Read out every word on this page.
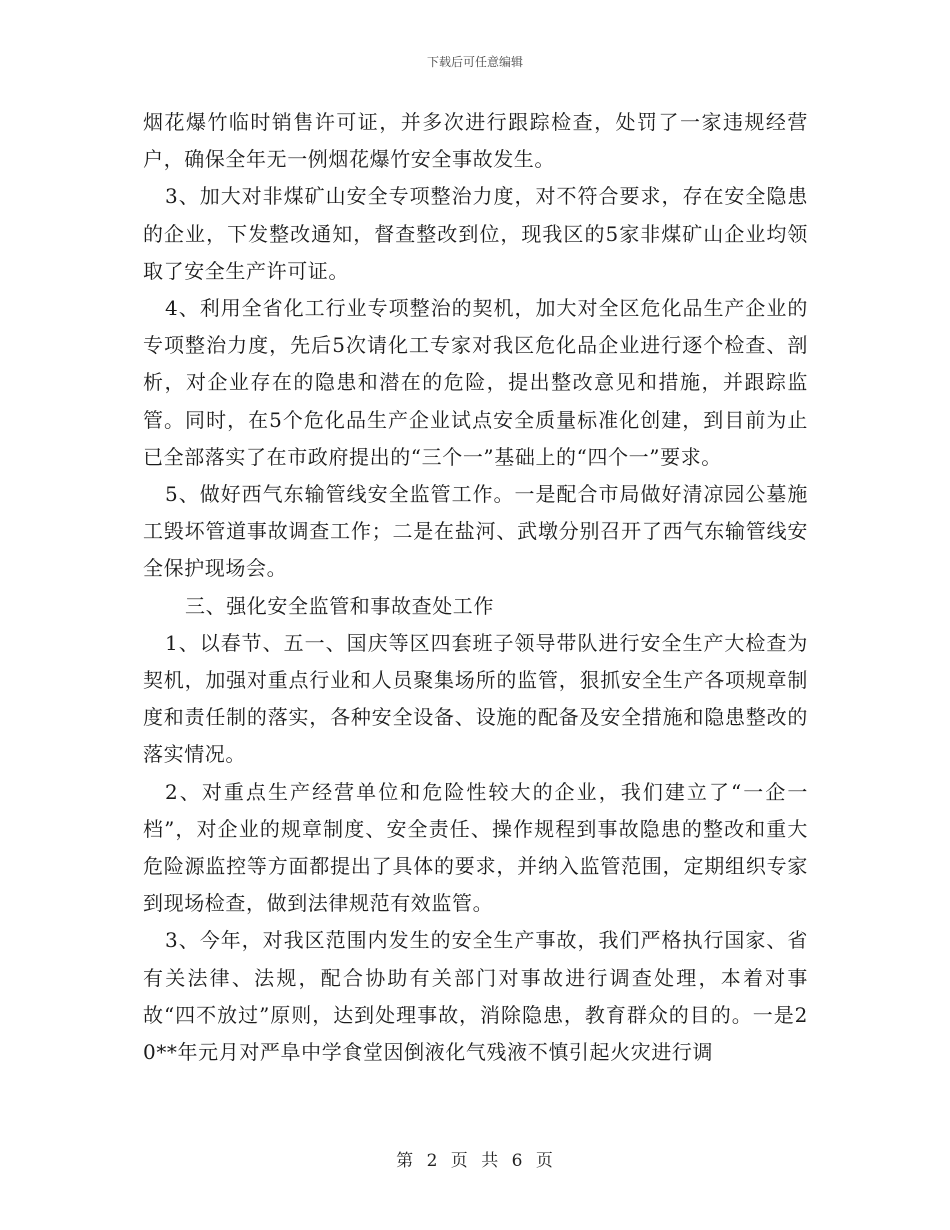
下载后可任意编辑

烟花爆竹临时销售许可证，并多次进行跟踪检查，处罚了一家违规经营户，确保全年无一例烟花爆竹安全事故发生。

3、加大对非煤矿山安全专项整治力度，对不符合要求，存在安全隐患的企业，下发整改通知，督查整改到位，现我区的5家非煤矿山企业均领取了安全生产许可证。

4、利用全省化工行业专项整治的契机，加大对全区危化品生产企业的专项整治力度，先后5次请化工专家对我区危化品企业进行逐个检查、剖析，对企业存在的隐患和潜在的危险，提出整改意见和措施，并跟踪监管。同时，在5个危化品生产企业试点安全质量标准化创建，到目前为止已全部落实了在市政府提出的“三个一”基础上的“四个一”要求。

5、做好西气东输管线安全监管工作。一是配合市局做好清凉园公墓施工毁坏管道事故调查工作；二是在盐河、武墩分别召开了西气东输管线安全保护现场会。

三、强化安全监管和事故查处工作

1、以春节、五一、国庆等区四套班子领导带队进行安全生产大检查为契机，加强对重点行业和人员聚集场所的监管，狠抓安全生产各项规章制度和责任制的落实，各种安全设备、设施的配备及安全措施和隐患整改的落实情况。

2、对重点生产经营单位和危险性较大的企业，我们建立了“一企一档”，对企业的规章制度、安全责任、操作规程到事故隐患的整改和重大危险源监控等方面都提出了具体的要求，并纳入监管范围，定期组织专家到现场检查，做到法律规范有效监管。

3、今年，对我区范围内发生的安全生产事故，我们严格执行国家、省有关法律、法规，配合协助有关部门对事故进行调查处理，本着对事故“四不放过”原则，达到处理事故，消除隐患，教育群众的目的。一是20**年元月对严阜中学食堂因倒液化气残液不慎引起火灾进行调

第 2 页 共 6 页
